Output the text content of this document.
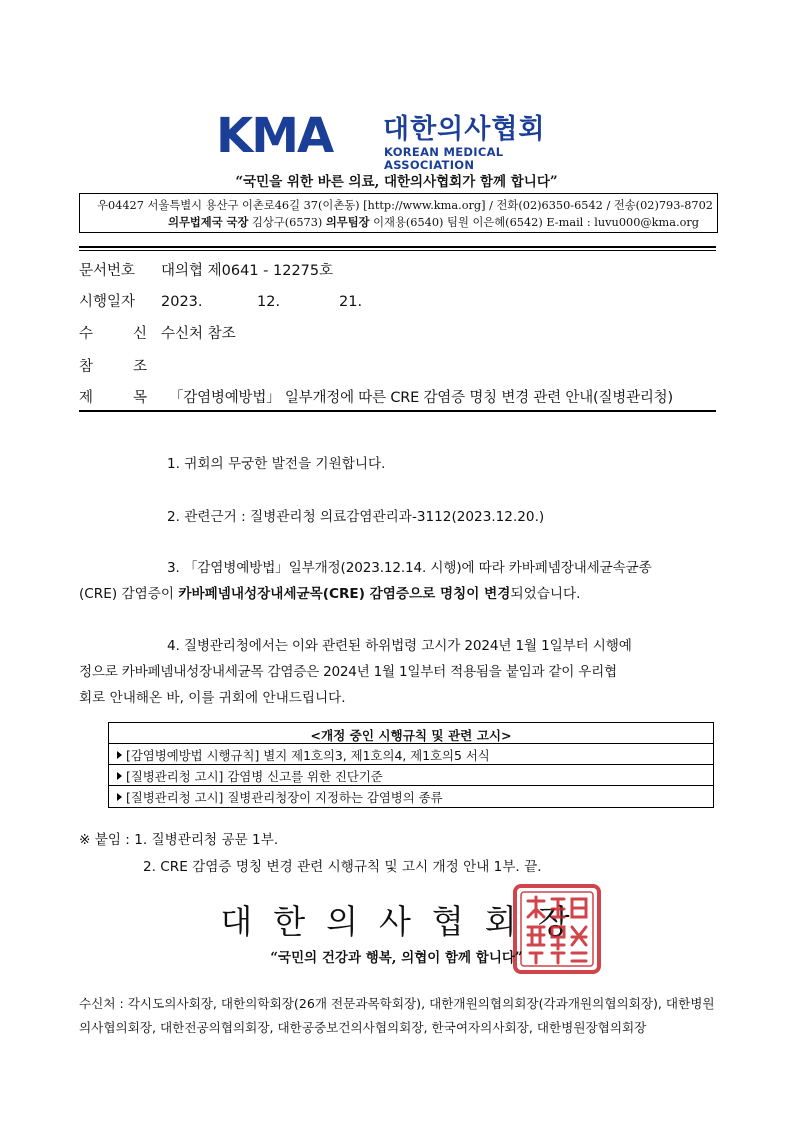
KMA 대한의사협회
KOREAN MEDICAL ASSOCIATION
“국민을 위한 바른 의료, 대한의사협회가 함께 합니다”
우04427 서울특별시 용산구 이촌로46길 37(이촌동) [http://www.kma.org] / 전화(02)6350-6542 / 전송(02)793-8702
의무법제국 국장 김상구(6573) 의무팀장 이재용(6540) 팀원 이은혜(6542) E-mail : luvu000@kma.org
문서번호	대의협 제0641 - 12275호
시행일자	2023.	12.	21.
수	신 수신처 참조
참	조
제	목 「감염병예방법」 일부개정에 따른 CRE 감염증 명칭 변경 관련 안내(질병관리청)
1. 귀회의 무궁한 발전을 기원합니다.
2. 관련근거 : 질병관리청 의료감염관리과-3112(2023.12.20.)
3. 「감염병예방법」일부개정(2023.12.14. 시행)에 따라 카바페넴장내세균속균종
(CRE) 감염증이 카바페넴내성장내세균목(CRE) 감염증으로 명칭이 변경되었습니다.
4. 질병관리청에서는 이와 관련된 하위법령 고시가 2024년 1월 1일부터 시행예
정으로 카바페넴내성장내세균목 감염증은 2024년 1월 1일부터 적용됨을 붙임과 같이 우리협
회로 안내해온 바, 이를 귀회에 안내드립니다.
<개정 중인 시행규칙 및 관련 고시>
[감염병예방법 시행규칙] 별지 제1호의3, 제1호의4, 제1호의5 서식
[질병관리청 고시] 감염병 신고를 위한 진단기준
[질병관리청 고시] 질병관리청장이 지정하는 감염병의 종류
※ 붙임 : 1. 질병관리청 공문 1부.
2. CRE 감염증 명칭 변경 관련 시행규칙 및 고시 개정 안내 1부. 끝.
대한의사협회장
“국민의 건강과 행복, 의협이 함께 합니다”
수신처 : 각시도의사회장, 대한의학회장(26개 전문과목학회장), 대한개원의협의회장(각과개원의협의회장), 대한병원의사협의회장, 대한전공의협의회장, 대한공중보건의사협의회장, 한국여자의사회장, 대한병원장협의회장
